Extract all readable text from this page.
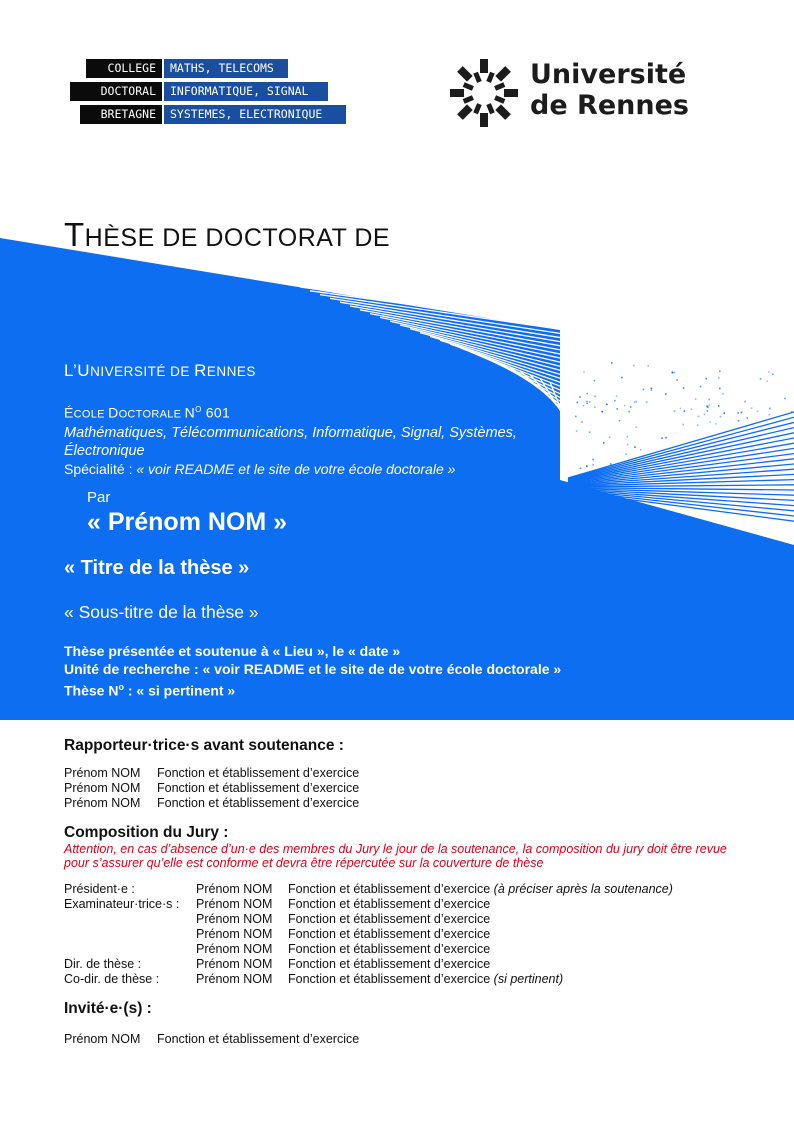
COLLEGE	MATHS, TELECOMS
DOCTORAL	INFORMATIQUE, SIGNAL
BRETAGNE	SYSTEMES, ELECTRONIQUE
Université
de Rennes
THÈSE DE DOCTORAT DE
L’UNIVERSITÉ DE RENNES
ÉCOLE DOCTORALE $N^O$ 601
Mathématiques, Télécommunications, Informatique, Signal, Systèmes,
Électronique
Spécialité : « voir README et le site de votre école doctorale »
Par
« Prénom NOM »
« Titre de la thèse »
« Sous-titre de la thèse »
Thèse présentée et soutenue à « Lieu », le « date »
Unité de recherche : « voir README et le site de de votre école doctorale »
Thèse $N^o$ : « si pertinent »
Rapporteur·trice·s avant soutenance :
Prénom NOM Fonction et établissement d’exercice
Prénom NOM Fonction et établissement d’exercice
Prénom NOM Fonction et établissement d’exercice
Composition du Jury :
Attention, en cas d’absence d’un·e des membres du Jury le jour de la soutenance, la composition du jury doit être revue
pour s’assurer qu’elle est conforme et devra être répercutée sur la couverture de thèse
Président·e :	Prénom NOM Fonction et établissement d’exercice (à préciser après la soutenance)
Examinateur·trice·s : Prénom NOM Fonction et établissement d’exercice
Prénom NOM Fonction et établissement d’exercice
Prénom NOM Fonction et établissement d’exercice
Prénom NOM Fonction et établissement d’exercice
Dir. de thèse :	Prénom NOM Fonction et établissement d’exercice
Co-dir. de thèse :	Prénom NOM Fonction et établissement d’exercice (si pertinent)
Invité·e·(s) :
Prénom NOM Fonction et établissement d’exercice
